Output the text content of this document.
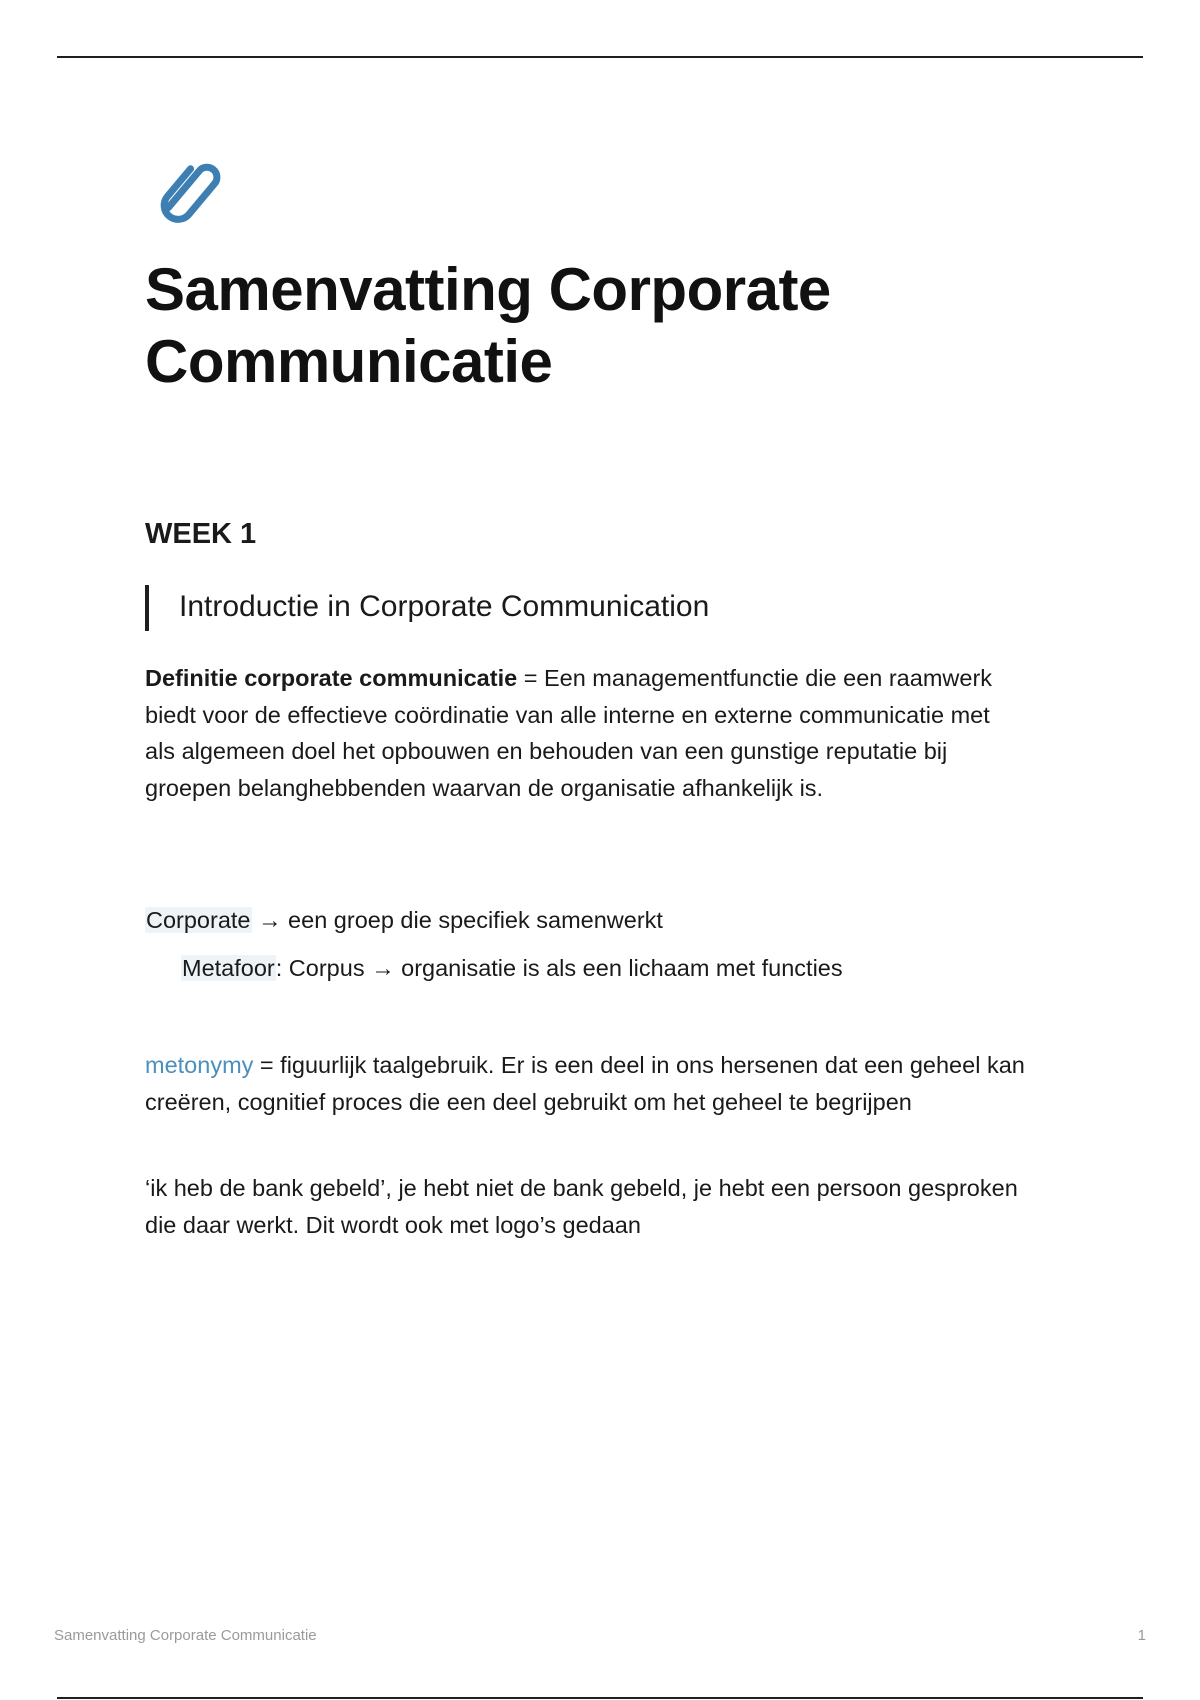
Samenvatting Corporate
Communicatie
WEEK 1
Introductie in Corporate Communication

Definitie corporate communicatie = Een managementfunctie die een raamwerk biedt voor de effectieve coördinatie van alle interne en externe communicatie met als algemeen doel het opbouwen en behouden van een gunstige reputatie bij groepen belanghebbenden waarvan de organisatie afhankelijk is.

Corporate → een groep die specifiek samenwerkt

Metafoor: Corpus → organisatie is als een lichaam met functies

metonymy = figuurlijk taalgebruik. Er is een deel in ons hersenen dat een geheel kan creëren, cognitief proces die een deel gebruikt om het geheel te begrijpen

‘ik heb de bank gebeld’, je hebt niet de bank gebeld, je hebt een persoon gesproken die daar werkt. Dit wordt ook met logo’s gedaan

Samenvatting Corporate Communicatie	1
